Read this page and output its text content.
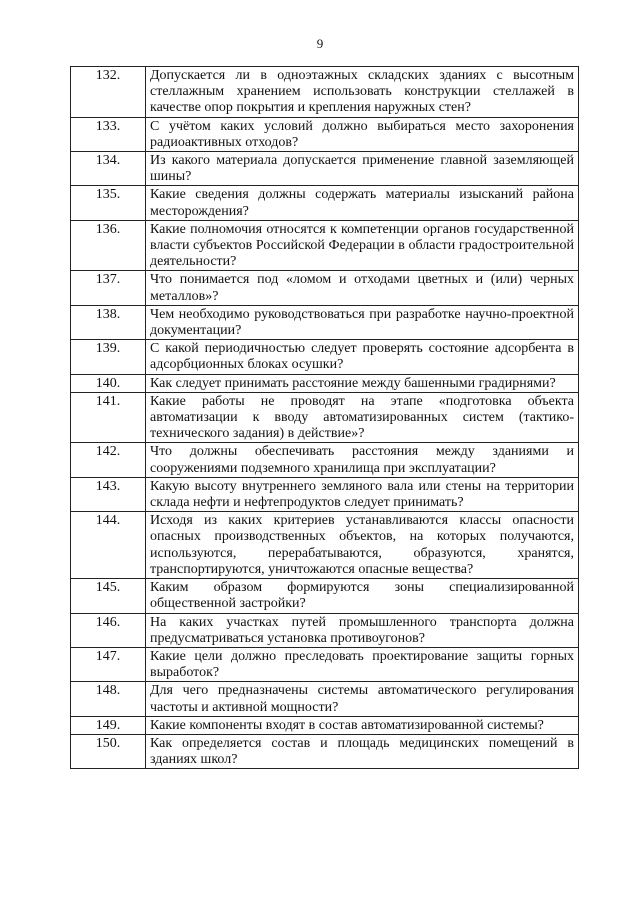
9
132.	Допускается ли в одноэтажных складских зданиях с высотным стеллажным хранением использовать конструкции стеллажей в качестве опор покрытия и крепления наружных стен?
133.	С учётом каких условий должно выбираться место захоронения радиоактивных отходов?
134.	Из какого материала допускается применение главной заземляющей шины?
135.	Какие сведения должны содержать материалы изысканий района месторождения?
136.	Какие полномочия относятся к компетенции органов государственной власти субъектов Российской Федерации в области градостроительной деятельности?
137.	Что понимается под «ломом и отходами цветных и (или) черных металлов»?
138.	Чем необходимо руководствоваться при разработке научно-проектной документации?
139.	С какой периодичностью следует проверять состояние адсорбента в адсорбционных блоках осушки?
140.	Как следует принимать расстояние между башенными градирнями?
141.	Какие работы не проводят на этапе «подготовка объекта автоматизации к вводу автоматизированных систем (тактико-технического задания) в действие»?
142.	Что должны обеспечивать расстояния между зданиями и сооружениями подземного хранилища при эксплуатации?
143.	Какую высоту внутреннего земляного вала или стены на территории склада нефти и нефтепродуктов следует принимать?
144.	Исходя из каких критериев устанавливаются классы опасности опасных производственных объектов, на которых получаются, используются, перерабатываются, образуются, хранятся, транспортируются, уничтожаются опасные вещества?
145.	Каким образом формируются зоны специализированной общественной застройки?
146.	На каких участках путей промышленного транспорта должна предусматриваться установка противоугонов?
147.	Какие цели должно преследовать проектирование защиты горных выработок?
148.	Для чего предназначены системы автоматического регулирования частоты и активной мощности?
149.	Какие компоненты входят в состав автоматизированной системы?
150.	Как определяется состав и площадь медицинских помещений в зданиях школ?
